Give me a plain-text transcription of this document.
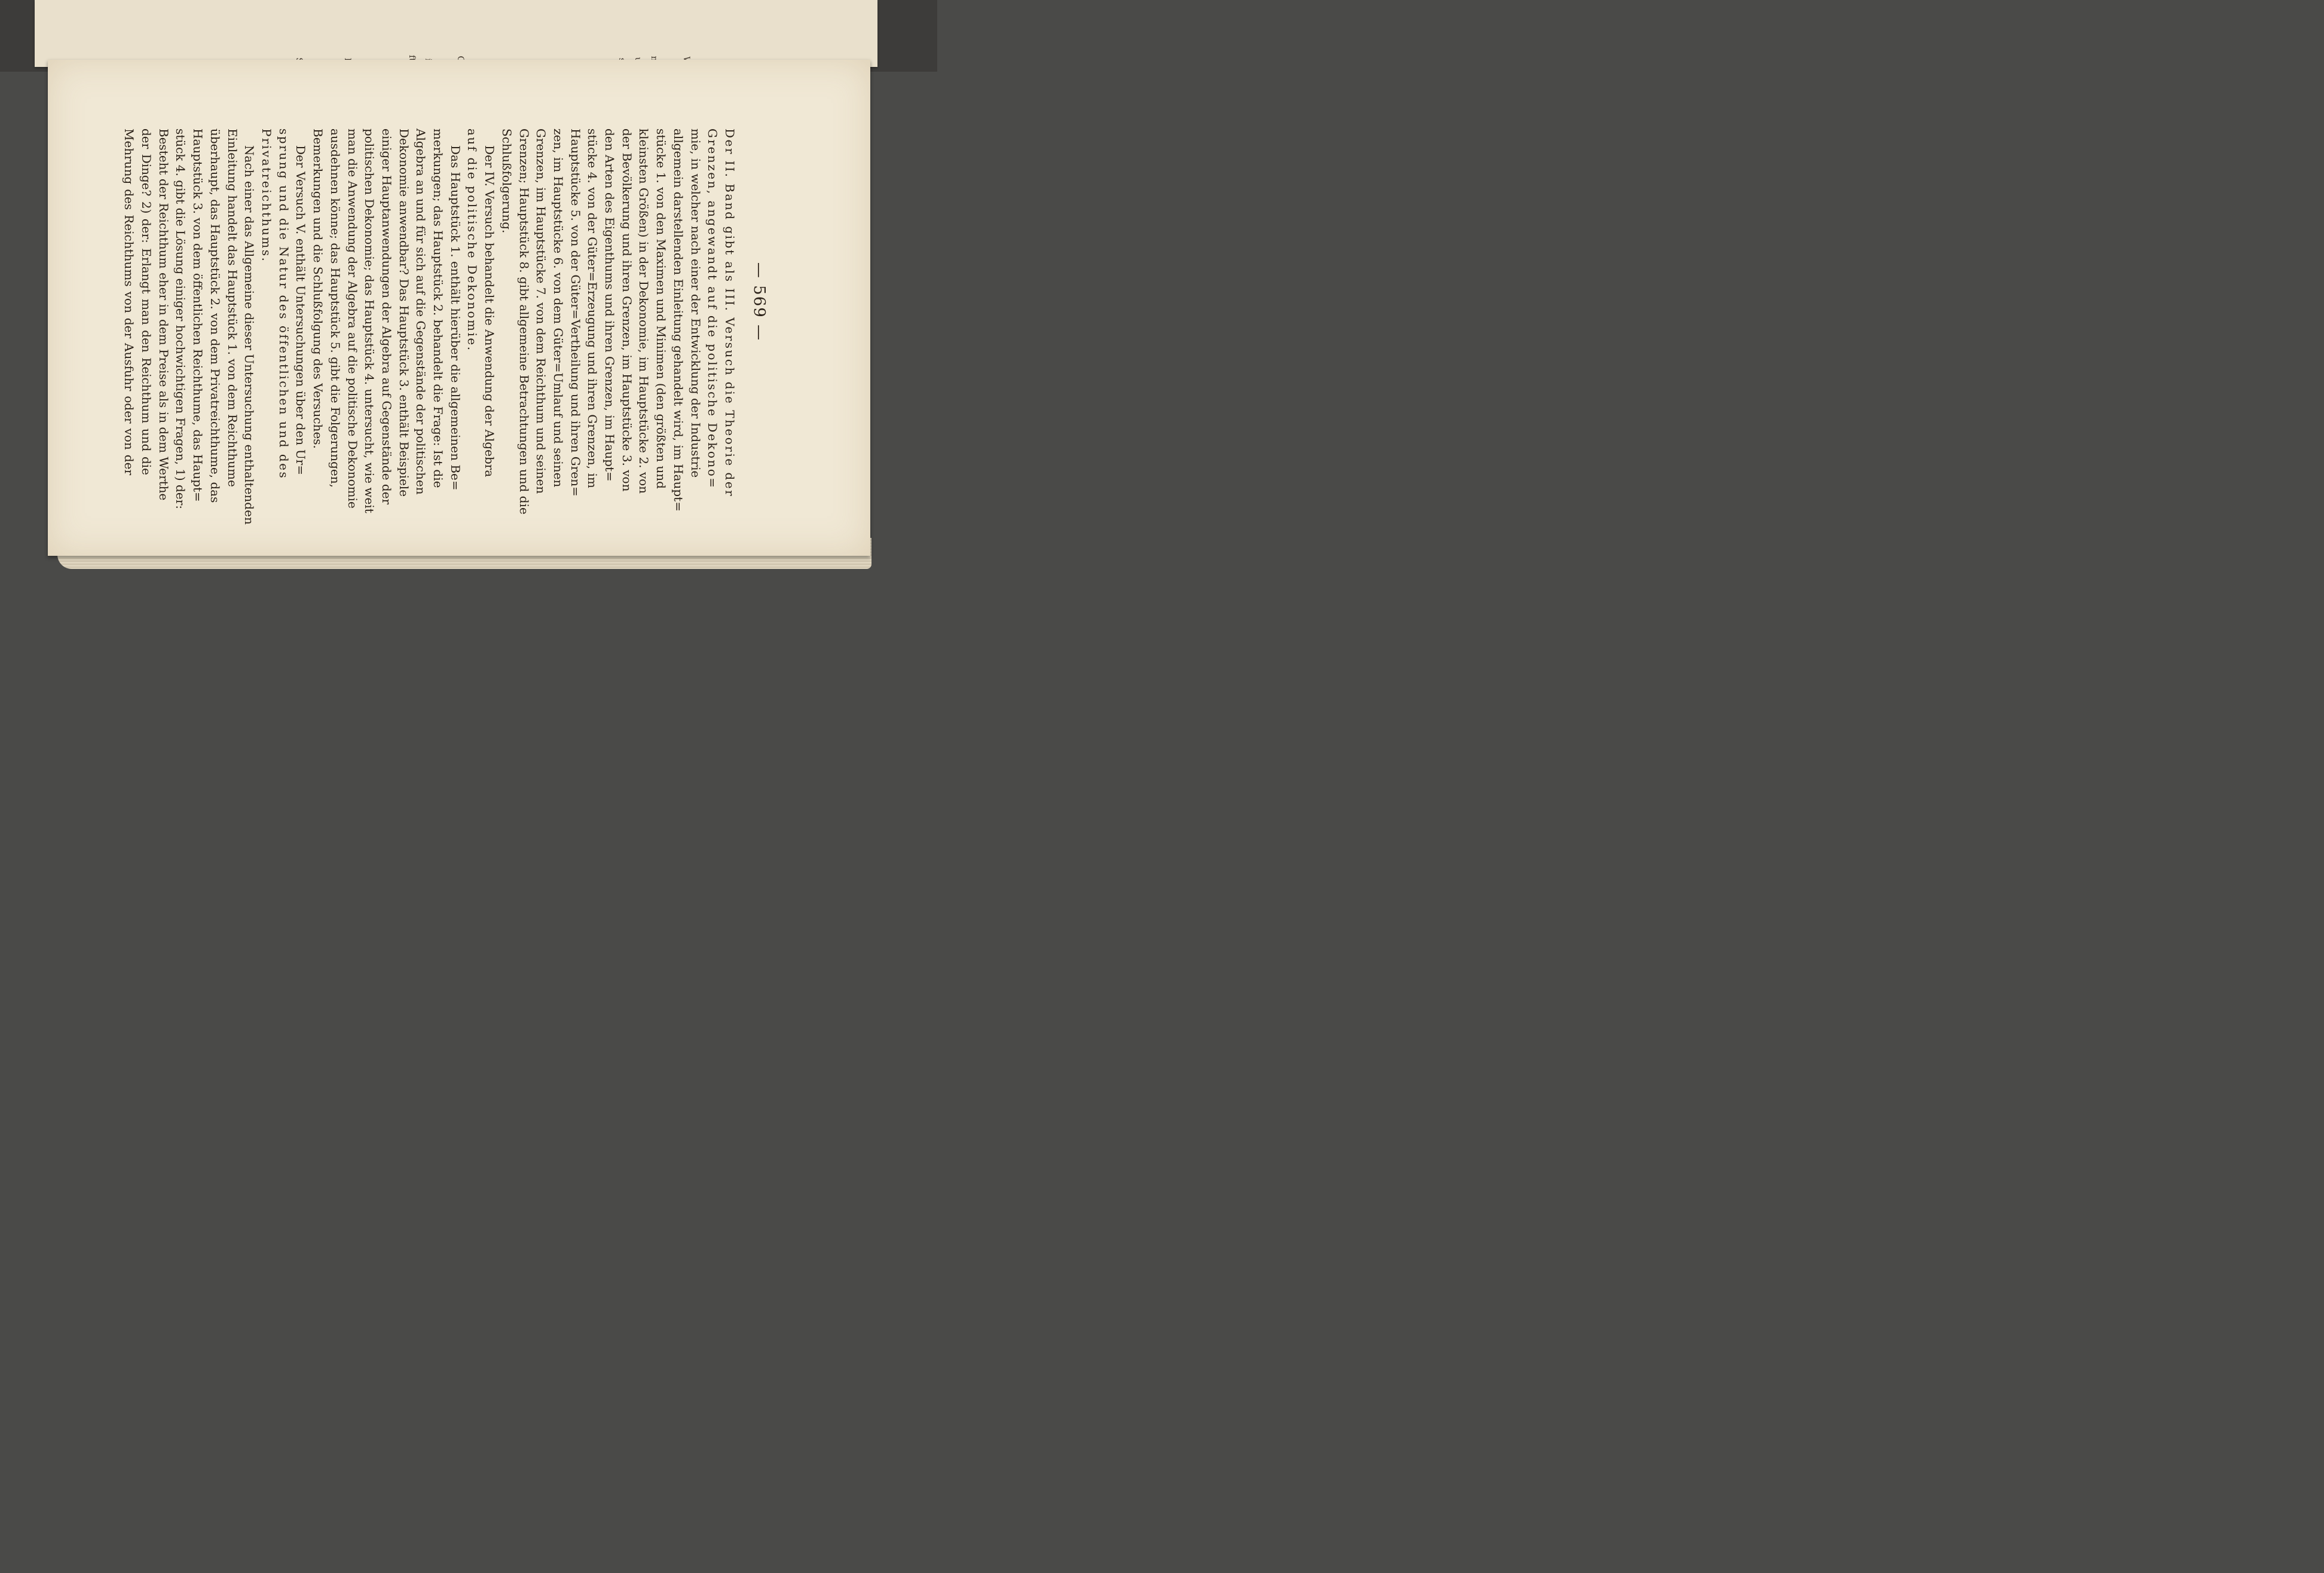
— 569 —
Der II. Band gibt als III. Versuch die Theorie der
Grenzen, angewandt auf die politische Dekono=
mie, in welcher nach einer der Entwicklung der Industrie
allgemein darstellenden Einleitung gehandelt wird, im Haupt=
stücke 1. von den Maximen und Minimen (den größten und
kleinsten Größen) in der Dekonomie, im Hauptstücke 2. von
der Bevölkerung und ihren Grenzen, im Hauptstücke 3. von
den Arten des Eigenthums und ihren Grenzen, im Haupt=
stücke 4. von der Güter=Erzeugung und ihren Grenzen, im
Hauptstücke 5. von der Güter=Vertheilung und ihren Gren=
zen, im Hauptstücke 6. von dem Güter=Umlauf und seinen
Grenzen, im Hauptstücke 7. von dem Reichthum und seinen
Grenzen; Hauptstück 8. gibt allgemeine Betrachtungen und die
Schlußfolgerung.
Der IV. Versuch behandelt die Anwendung der Algebra
auf die politische Dekonomie.
Das Hauptstück 1. enthält hierüber die allgemeinen Be=
merkungen; das Hauptstück 2. behandelt die Frage: Ist die
Algebra an und für sich auf die Gegenstände der politischen
Dekonomie anwendbar? Das Hauptstück 3. enthält Beispiele
einiger Hauptanwendungen der Algebra auf Gegenstände der
politischen Dekonomie; das Hauptstück 4. untersucht, wie weit
man die Anwendung der Algebra auf die politische Dekonomie
ausdehnen könne; das Hauptstück 5. gibt die Folgerungen,
Bemerkungen und die Schlußfolgung des Versuches.
Der Versuch V. enthält Untersuchungen über den Ur=
sprung und die Natur des öffentlichen und des
Privatreichthums.
Nach einer das Allgemeine dieser Untersuchung enthaltenden
Einleitung handelt das Hauptstück 1. von dem Reichthume
überhaupt, das Hauptstück 2. von dem Privatreichthume, das
Hauptstück 3. von dem öffentlichen Reichthume, das Haupt=
stück 4. gibt die Lösung einiger hochwichtigen Fragen, 1) der:
Besteht der Reichthum eher in dem Preise als in dem Werthe
der Dinge? 2) der: Erlangt man den Reichthum und die
Mehrung des Reichthums von der Ausfuhr oder von der
